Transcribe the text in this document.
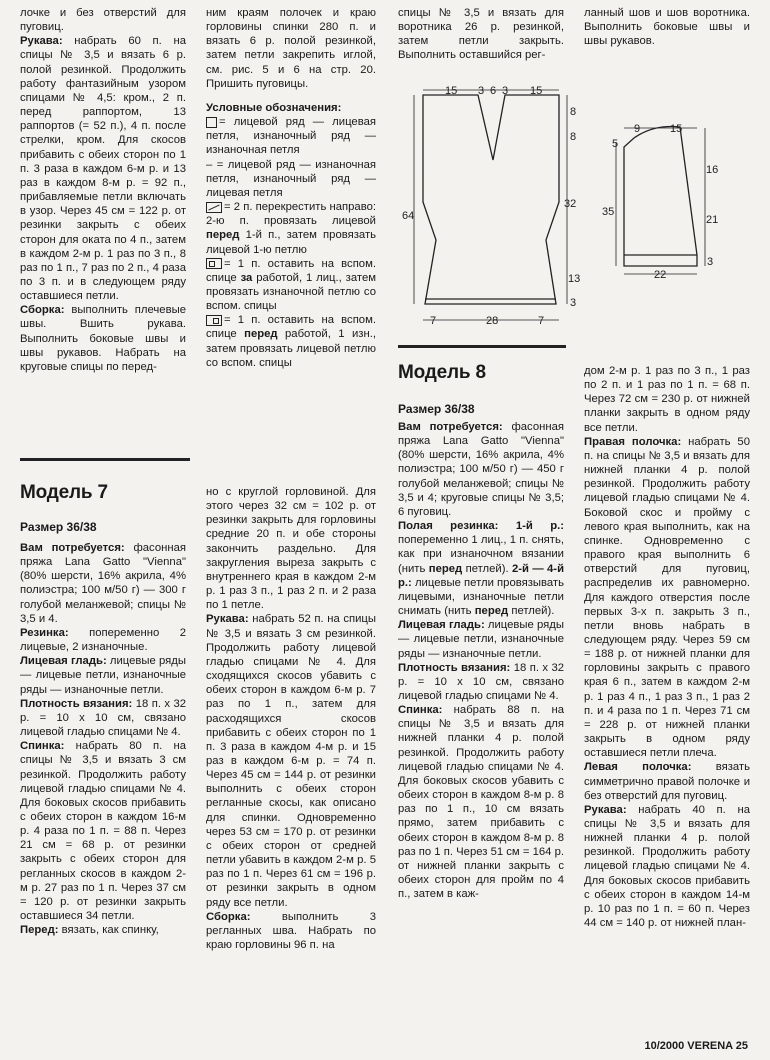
лочке и без отверстий для пуговиц.

Рукава: набрать 60 п. на спицы № 3,5 и вязать 6 р. полой резинкой. Продолжить работу фантазийным узором спицами № 4,5: кром., 2 п. перед раппортом, 13 раппортов (= 52 п.), 4 п. после стрелки, кром. Для скосов прибавить с обеих сторон по 1 п. 3 раза в каждом 6-м р. и 13 раз в каждом 8-м р. = 92 п., прибавляемые петли включать в узор. Через 45 см = 122 р. от резинки закрыть с обеих сторон для оката по 4 п., затем в каждом 2-м р. 1 раз по 3 п., 8 раз по 1 п., 7 раз по 2 п., 4 раза по 3 п. и в следующем ряду оставшиеся петли.

Сборка: выполнить плечевые швы. Вшить рукава. Выполнить боковые швы и швы рукавов. Набрать на круговые спицы по перед-

ним краям полочек и краю горловины спинки 280 п. и вязать 6 р. полой резинкой, затем петли закрепить иглой, см. рис. 5 и 6 на стр. 20. Пришить пуговицы.

Условные обозначения:

= лицевой ряд — лицевая петля, изнаночный ряд — изнаночная петля

– = лицевой ряд — изнаночная петля, изнаночный ряд — лицевая петля

= 2 п. перекрестить направо: 2-ю п. провязать лицевой перед 1-й п., затем провязать лицевой 1-ю петлю

= 1 п. оставить на вспом. спице за работой, 1 лиц., затем провязать изнаночной петлю со вспом. спицы

= 1 п. оставить на вспом. спице перед работой, 1 изн., затем провязать лицевой петлю со вспом. спицы

спицы № 3,5 и вязать для воротника 26 р. резинкой, затем петли закрыть. Выполнить оставшийся рег-

ланный шов и шов воротника. Выполнить боковые швы и швы рукавов.

15 3 6 3 15
8
8
32
64
13
3
7	28	7
9	15
5
16
35
21
22
3
Модель 8
Размер 36/38
Модель 7
Размер 36/38

Вам потребуется: фасонная пряжа Lana Gatto "Vienna" (80% шерсти, 16% акрила, 4% полиэстра; 100 м/50 г) — 300 г голубой меланжевой; спицы № 3,5 и 4.

Резинка: попеременно 2 лицевые, 2 изнаночные.

Лицевая гладь: лицевые ряды — лицевые петли, изнаночные ряды — изнаночные петли.

Плотность вязания: 18 п. x 32 р. = 10 x 10 см, связано лицевой гладью спицами № 4.

Спинка: набрать 80 п. на спицы № 3,5 и вязать 3 см резинкой. Продолжить работу лицевой гладью спицами № 4. Для боковых скосов прибавить с обеих сторон в каждом 16-м р. 4 раза по 1 п. = 88 п. Через 21 см = 68 р. от резинки закрыть с обеих сторон для регланных скосов в каждом 2-м р. 27 раз по 1 п. Через 37 см = 120 р. от резинки закрыть оставшиеся 34 петли.

Перед: вязать, как спинку,

но с круглой горловиной. Для этого через 32 см = 102 р. от резинки закрыть для горловины средние 20 п. и обе стороны закончить раздельно. Для закругления выреза закрыть с внутреннего края в каждом 2-м р. 1 раз 3 п., 1 раз 2 п. и 2 раза по 1 петле.

Рукава: набрать 52 п. на спицы № 3,5 и вязать 3 см резинкой. Продолжить работу лицевой гладью спицами № 4. Для сходящихся скосов убавить с обеих сторон в каждом 6-м р. 7 раз по 1 п., затем для расходящихся скосов прибавить с обеих сторон по 1 п. 3 раза в каждом 4-м р. и 15 раз в каждом 6-м р. = 74 п. Через 45 см = 144 р. от резинки выполнить с обеих сторон регланные скосы, как описано для спинки. Одновременно через 53 см = 170 р. от резинки с обеих сторон от средней петли убавить в каждом 2-м р. 5 раз по 1 п. Через 61 см = 196 р. от резинки закрыть в одном ряду все петли.

Сборка:	выполнить 3 регланных шва. Набрать по краю горловины 96 п. на

Вам потребуется: фасонная пряжа Lana Gatto "Vienna" (80% шерсти, 16% акрила, 4% полиэстра; 100 м/50 г) — 450 г голубой меланжевой; спицы № 3,5 и 4; круговые спицы № 3,5; 6 пуговиц.

Полая резинка: 1-й р.: попеременно 1 лиц., 1 п. снять, как при изнаночном вязании (нить перед петлей). 2-й — 4-й р.: лицевые петли провязывать лицевыми, изнаночные петли снимать (нить перед петлей).

Лицевая гладь: лицевые ряды — лицевые петли, изнаночные ряды — изнаночные петли.

Плотность вязания: 18 п. x 32 р. = 10 x 10 см, связано лицевой гладью спицами № 4.

Спинка: набрать 88 п. на спицы № 3,5 и вязать для нижней планки 4 р. полой резинкой. Продолжить работу лицевой гладью спицами № 4. Для боковых скосов убавить с обеих сторон в каждом 8-м р. 8 раз по 1 п., 10 см вязать прямо, затем прибавить с обеих сторон в каждом 8-м р. 8 раз по 1 п. Через 51 см = 164 р. от нижней планки закрыть с обеих сторон для пройм по 4 п., затем в каж-

дом 2-м р. 1 раз по 3 п., 1 раз по 2 п. и 1 раз по 1 п. = 68 п. Через 72 см = 230 р. от нижней планки закрыть в одном ряду все петли.

Правая полочка: набрать 50 п. на спицы № 3,5 и вязать для нижней планки 4 р. полой резинкой. Продолжить работу лицевой гладью спицами № 4. Боковой скос и пройму с левого края выполнить, как на спинке. Одновременно с правого края выполнить 6 отверстий для пуговиц, распределив их равномерно. Для каждого отверстия после первых 3-х п. закрыть 3 п., петли вновь набрать в следующем ряду. Через 59 см = 188 р. от нижней планки для горловины закрыть с правого края 6 п., затем в каждом 2-м р. 1 раз 4 п., 1 раз 3 п., 1 раз 2 п. и 4 раза по 1 п. Через 71 см = 228 р. от нижней планки закрыть в одном ряду оставшиеся петли плеча.

Левая полочка: вязать симметрично правой полочке и без отверстий для пуговиц.

Рукава: набрать 40 п. на спицы № 3,5 и вязать для нижней планки 4 р. полой резинкой. Продолжить работу лицевой гладью спицами № 4. Для боковых скосов прибавить с обеих сторон в каждом 14-м р. 10 раз по 1 п. = 60 п. Через 44 см = 140 р. от нижней план-

10/2000 VERENA 25
